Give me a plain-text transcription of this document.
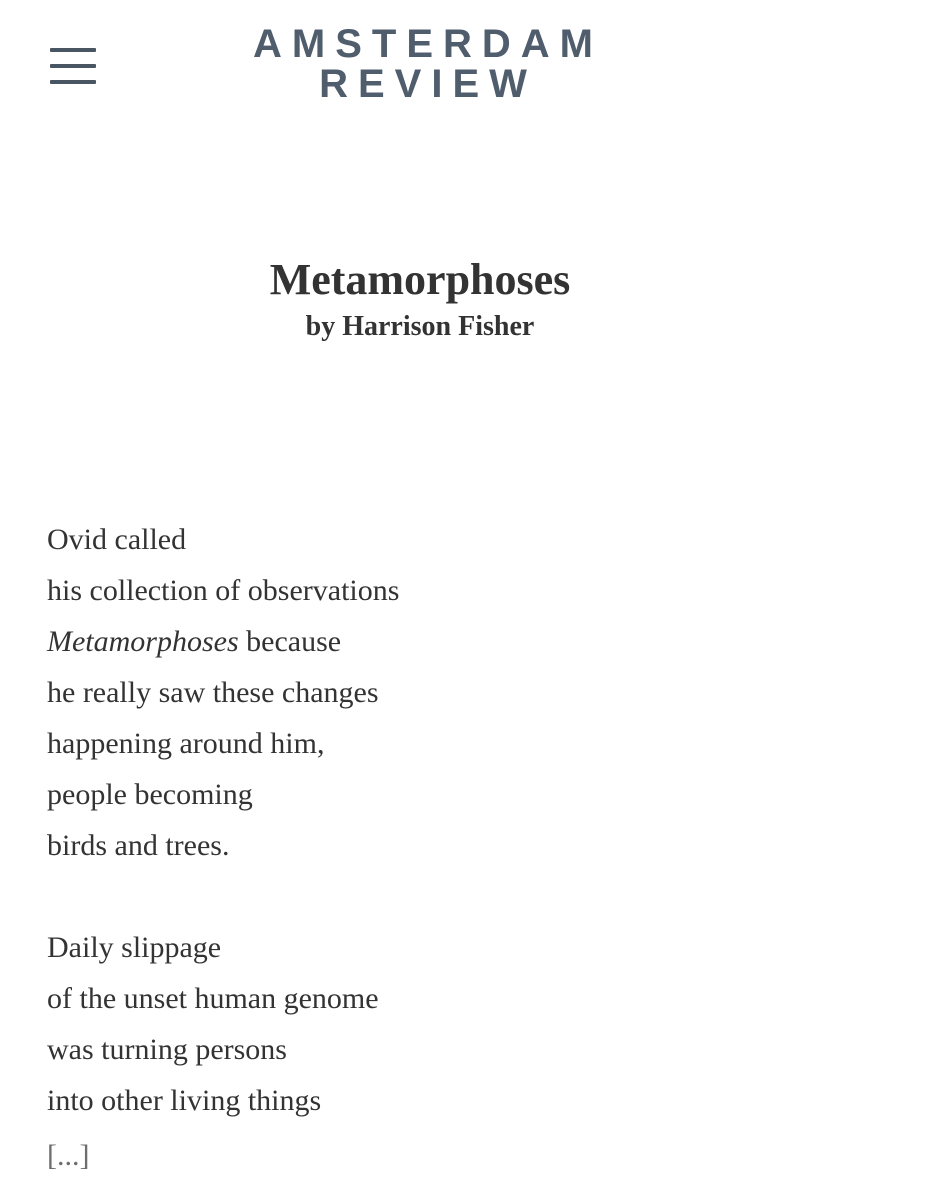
AMSTERDAM
REVIEW
Metamorphoses

by Harrison Fisher

Ovid called
his collection of observations
Metamorphoses because
he really saw these changes
happening around him,
people becoming
birds and trees.
Daily slippage
of the unset human genome
was turning persons
into other living things
[...]
